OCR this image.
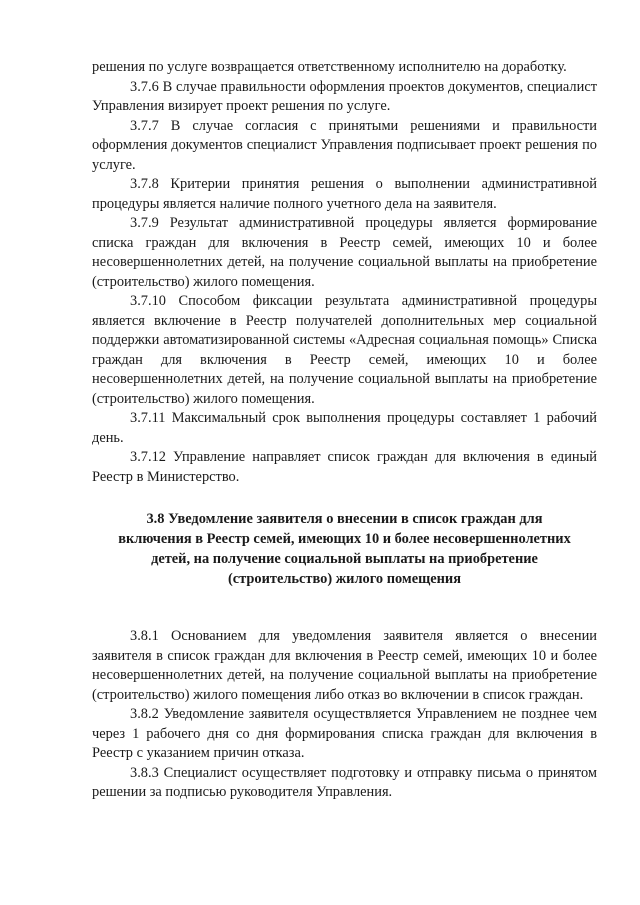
решения по услуге возвращается ответственному исполнителю на доработку.

3.7.6 В случае правильности оформления проектов документов, специалист Управления визирует проект решения по услуге.

3.7.7 В случае согласия с принятыми решениями и правильности оформления документов специалист Управления подписывает проект решения по услуге.

3.7.8 Критерии принятия решения о выполнении административной процедуры является наличие полного учетного дела на заявителя.

3.7.9 Результат административной процедуры является формирование списка граждан для включения в Реестр семей, имеющих 10 и более несовершеннолетних детей, на получение социальной выплаты на приобретение (строительство) жилого помещения.

3.7.10 Способом фиксации результата административной процедуры является включение в Реестр получателей дополнительных мер социальной поддержки автоматизированной системы «Адресная социальная помощь» Списка граждан для включения в Реестр семей, имеющих 10 и более несовершеннолетних детей, на получение социальной выплаты на приобретение (строительство) жилого помещения.

3.7.11 Максимальный срок выполнения процедуры составляет 1 рабочий день.

3.7.12 Управление направляет список граждан для включения в единый Реестр в Министерство.

3.8 Уведомление заявителя о внесении в список граждан для включения в Реестр семей, имеющих 10 и более несовершеннолетних детей, на получение социальной выплаты на приобретение (строительство) жилого помещения

3.8.1 Основанием для уведомления заявителя является о внесении заявителя в список граждан для включения в Реестр семей, имеющих 10 и более несовершеннолетних детей, на получение социальной выплаты на приобретение (строительство) жилого помещения либо отказ во включении в список граждан.

3.8.2 Уведомление заявителя осуществляется Управлением не позднее чем через 1 рабочего дня со дня формирования списка граждан для включения в Реестр с указанием причин отказа.

3.8.3 Специалист осуществляет подготовку и отправку письма о принятом решении за подписью руководителя Управления.
